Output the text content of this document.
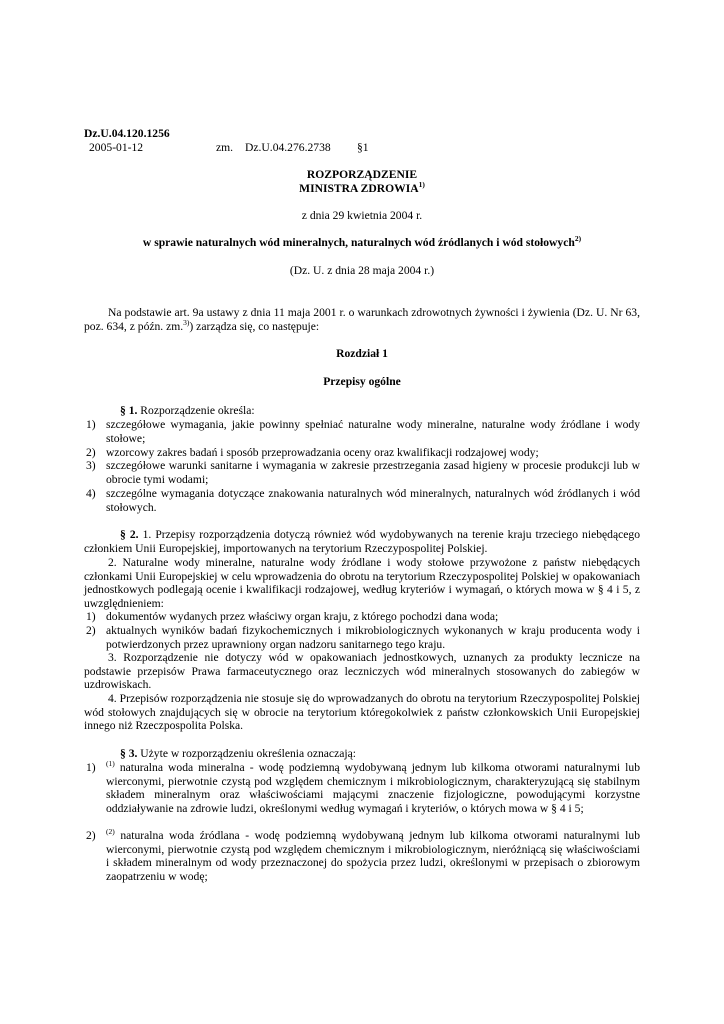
Dz.U.04.120.1256
2005-01-12	zm. Dz.U.04.276.2738 §1
ROZPORZĄDZENIE
MINISTRA ZDROWIA$^{1)}$
z dnia 29 kwietnia 2004 r.
w sprawie naturalnych wód mineralnych, naturalnych wód źródlanych i wód stołowych$^{2)}$
(Dz. U. z dnia 28 maja 2004 r.)
Na podstawie art. 9a ustawy z dnia 11 maja 2001 r. o warunkach zdrowotnych żywności i żywienia (Dz. U. Nr 63, poz. 634, z późn. zm.$^{3)}$) zarządza się, co następuje:
Rozdział 1
Przepisy ogólne
§ 1. Rozporządzenie określa:
1) szczegółowe wymagania, jakie powinny spełniać naturalne wody mineralne, naturalne wody źródlane i wody stołowe;
2) wzorcowy zakres badań i sposób przeprowadzania oceny oraz kwalifikacji rodzajowej wody;
3) szczegółowe warunki sanitarne i wymagania w zakresie przestrzegania zasad higieny w procesie produkcji lub w obrocie tymi wodami;
4) szczególne wymagania dotyczące znakowania naturalnych wód mineralnych, naturalnych wód źródlanych i wód stołowych.
§ 2. 1. Przepisy rozporządzenia dotyczą również wód wydobywanych na terenie kraju trzeciego niebędącego członkiem Unii Europejskiej, importowanych na terytorium Rzeczypospolitej Polskiej.
2. Naturalne wody mineralne, naturalne wody źródlane i wody stołowe przywożone z państw niebędących członkami Unii Europejskiej w celu wprowadzenia do obrotu na terytorium Rzeczypospolitej Polskiej w opakowaniach jednostkowych podlegają ocenie i kwalifikacji rodzajowej, według kryteriów i wymagań, o których mowa w § 4 i 5, z uwzględnieniem:
1) dokumentów wydanych przez właściwy organ kraju, z którego pochodzi dana woda;
2) aktualnych wyników badań fizykochemicznych i mikrobiologicznych wykonanych w kraju producenta wody i potwierdzonych przez uprawniony organ nadzoru sanitarnego tego kraju.
3. Rozporządzenie nie dotyczy wód w opakowaniach jednostkowych, uznanych za produkty lecznicze na podstawie przepisów Prawa farmaceutycznego oraz leczniczych wód mineralnych stosowanych do zabiegów w uzdrowiskach.
4. Przepisów rozporządzenia nie stosuje się do wprowadzanych do obrotu na terytorium Rzeczypospolitej Polskiej wód stołowych znajdujących się w obrocie na terytorium któregokolwiek z państw członkowskich Unii Europejskiej innego niż Rzeczpospolita Polska.
§ 3. Użyte w rozporządzeniu określenia oznaczają:
1) $^{(1)}$ naturalna woda mineralna - wodę podziemną wydobywaną jednym lub kilkoma otworami naturalnymi lub wierconymi, pierwotnie czystą pod względem chemicznym i mikrobiologicznym, charakteryzującą się stabilnym składem mineralnym oraz właściwościami mającymi znaczenie fizjologiczne, powodującymi korzystne oddziaływanie na zdrowie ludzi, określonymi według wymagań i kryteriów, o których mowa w § 4 i 5;
2) $^{(2)}$ naturalna woda źródlana - wodę podziemną wydobywaną jednym lub kilkoma otworami naturalnymi lub wierconymi, pierwotnie czystą pod względem chemicznym i mikrobiologicznym, nieróżniącą się właściwościami i składem mineralnym od wody przeznaczonej do spożycia przez ludzi, określonymi w przepisach o zbiorowym zaopatrzeniu w wodę;
